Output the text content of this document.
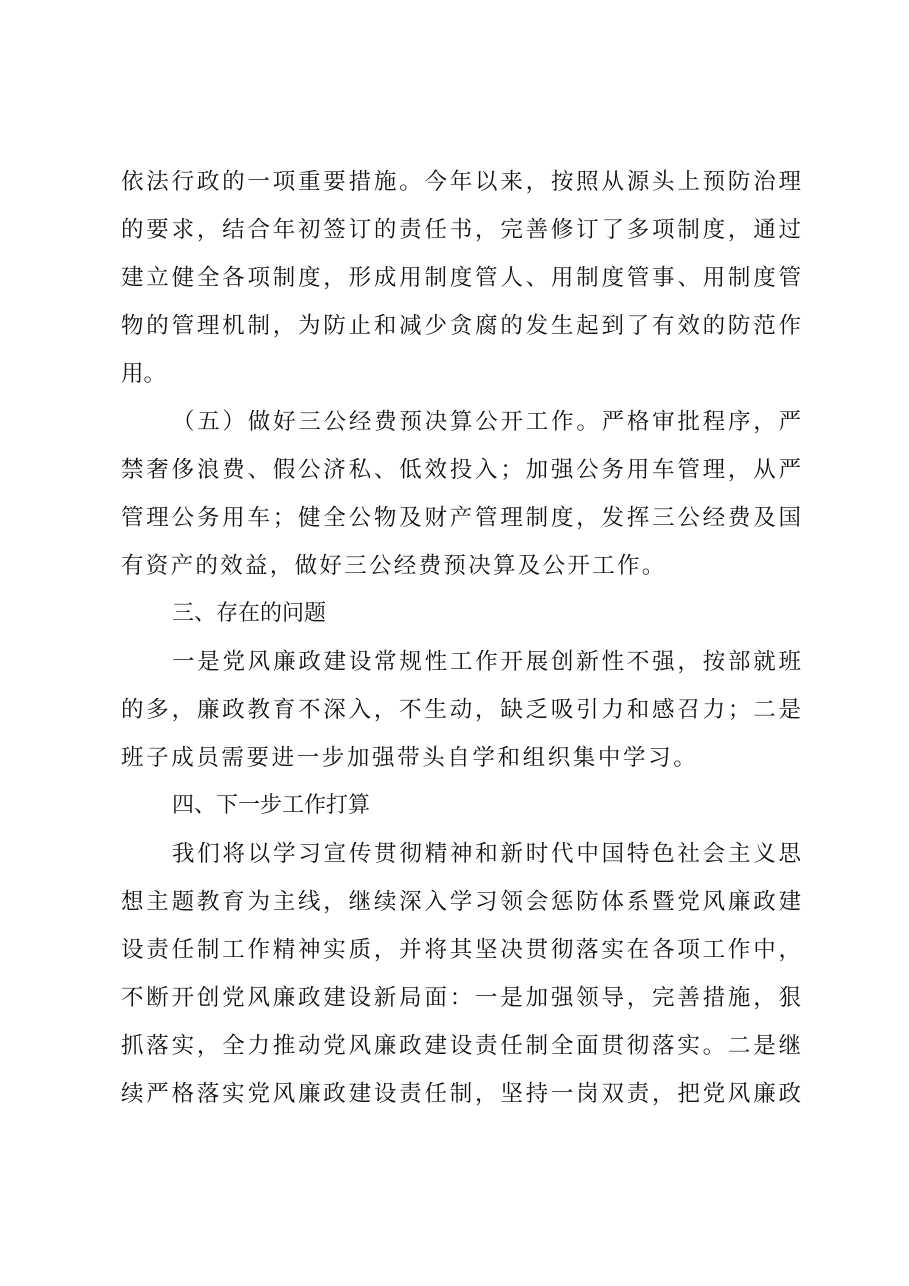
依法行政的一项重要措施。今年以来，按照从源头上预防治理
的要求，结合年初签订的责任书，完善修订了多项制度，通过
建立健全各项制度，形成用制度管人、用制度管事、用制度管
物的管理机制，为防止和减少贪腐的发生起到了有效的防范作
用。
（五）做好三公经费预决算公开工作。严格审批程序，严
禁奢侈浪费、假公济私、低效投入；加强公务用车管理，从严
管理公务用车；健全公物及财产管理制度，发挥三公经费及国
有资产的效益，做好三公经费预决算及公开工作。
三、存在的问题
一是党风廉政建设常规性工作开展创新性不强，按部就班
的多，廉政教育不深入，不生动，缺乏吸引力和感召力；二是
班子成员需要进一步加强带头自学和组织集中学习。
四、下一步工作打算
我们将以学习宣传贯彻精神和新时代中国特色社会主义思
想主题教育为主线，继续深入学习领会惩防体系暨党风廉政建
设责任制工作精神实质，并将其坚决贯彻落实在各项工作中，
不断开创党风廉政建设新局面：一是加强领导，完善措施，狠
抓落实，全力推动党风廉政建设责任制全面贯彻落实。二是继
续严格落实党风廉政建设责任制，坚持一岗双责，把党风廉政
